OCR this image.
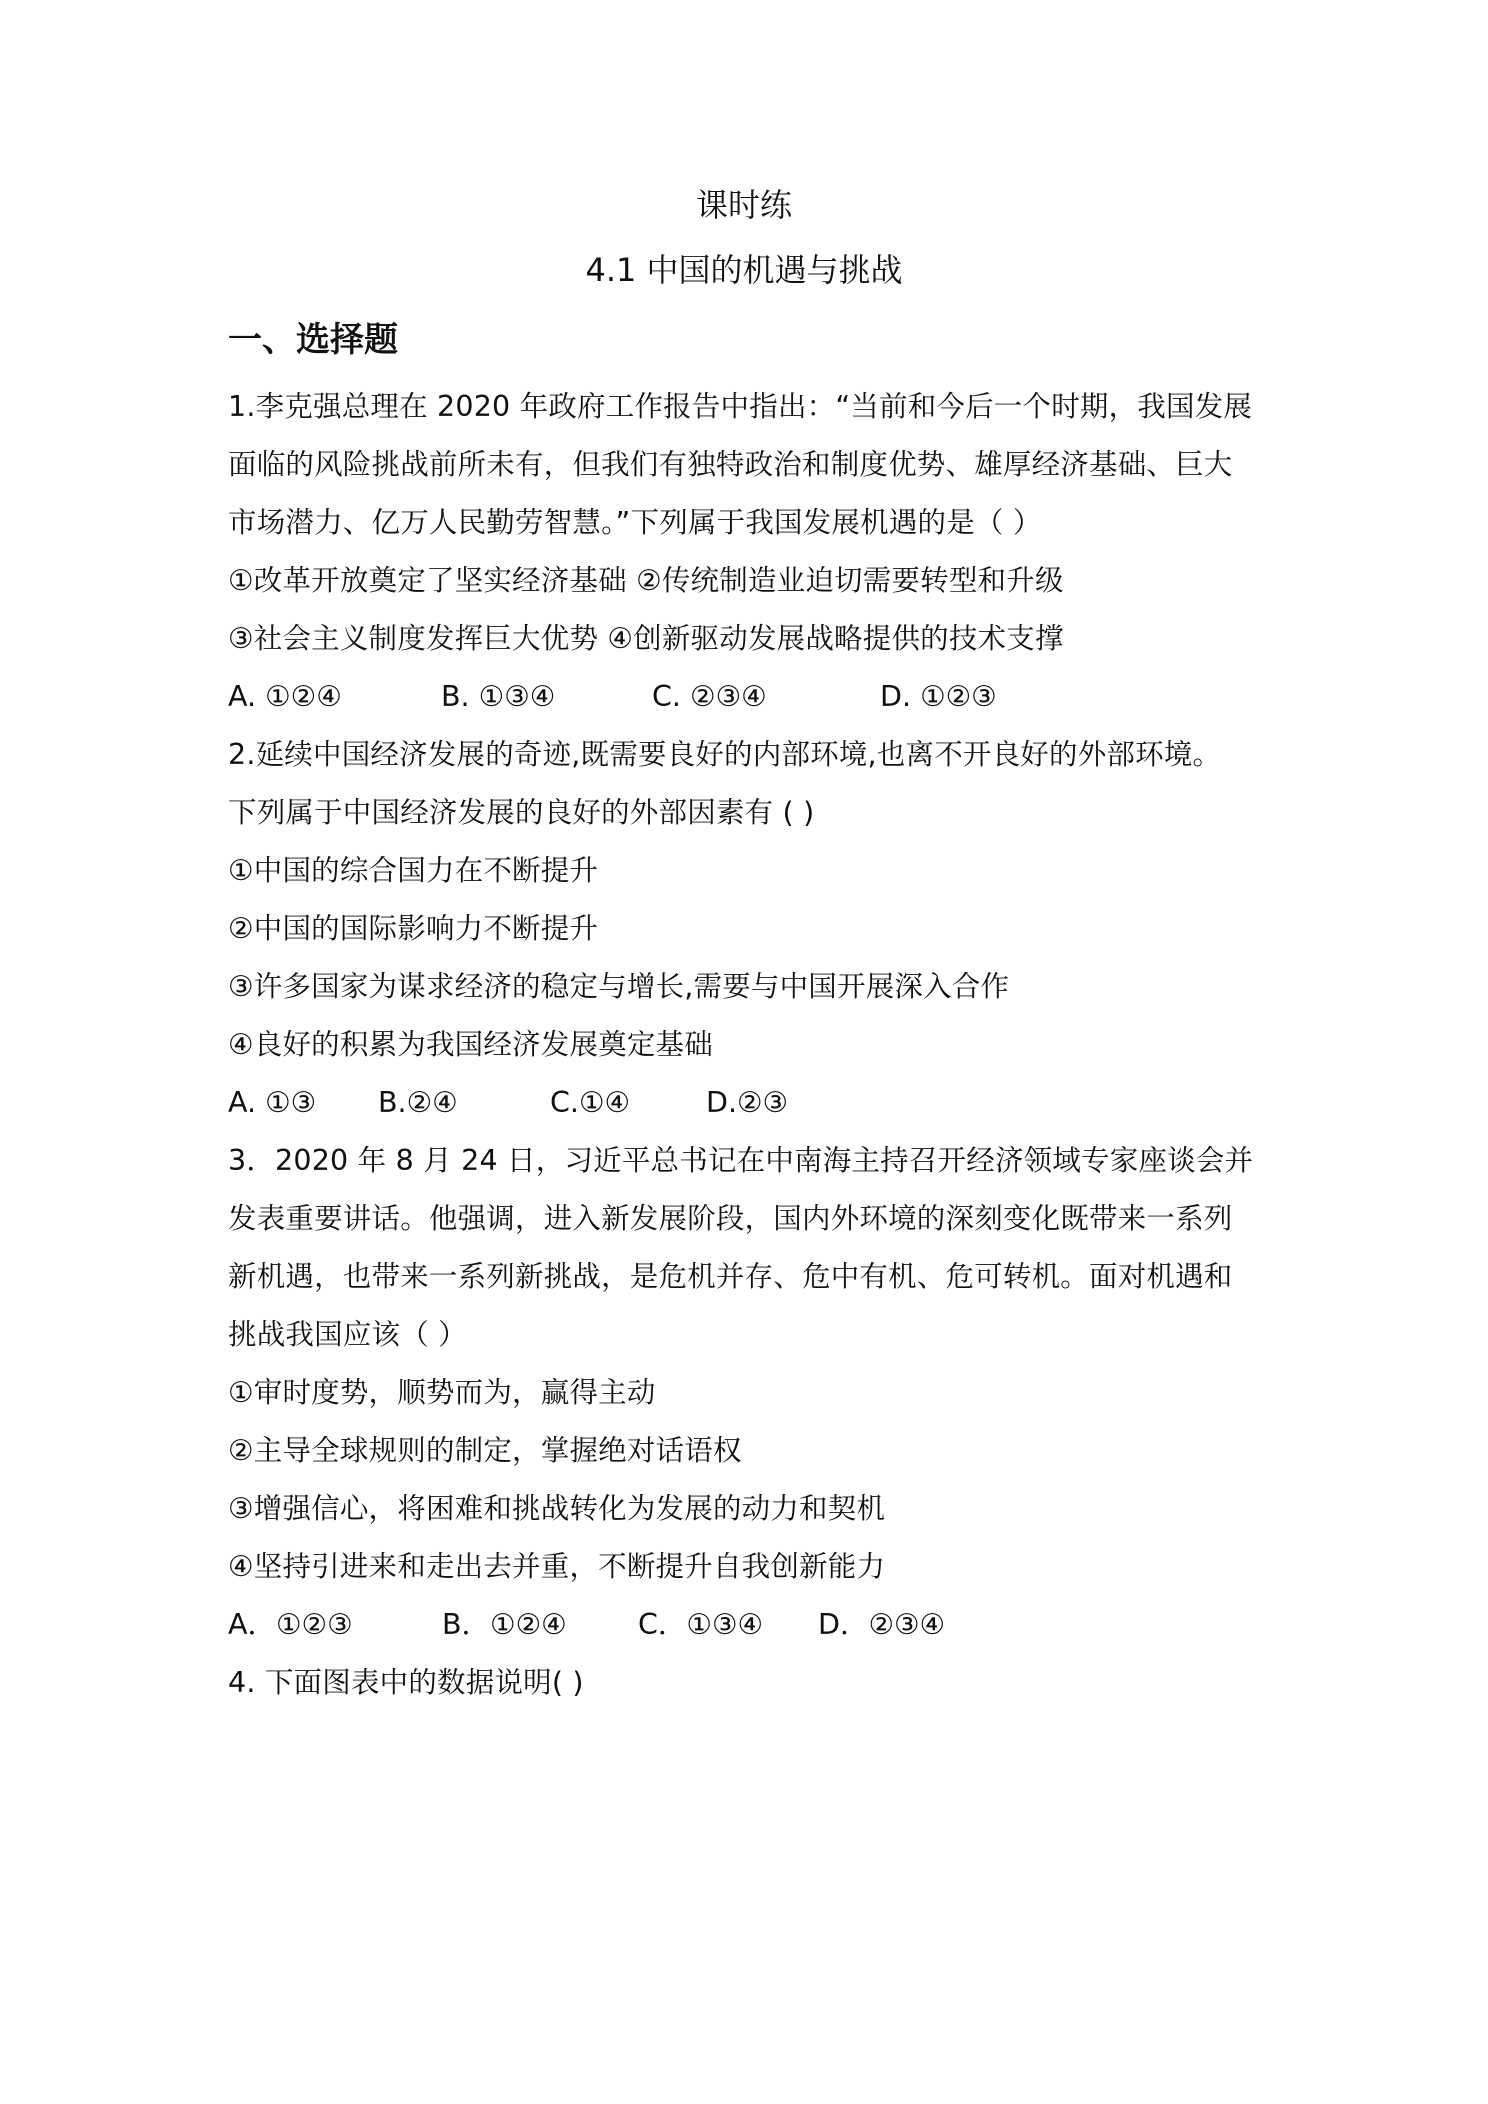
课时练
4.1 中国的机遇与挑战
一、选择题
1.李克强总理在 2020 年政府工作报告中指出：“当前和今后一个时期，我国发展
面临的风险挑战前所未有，但我们有独特政治和制度优势、雄厚经济基础、巨大
市场潜力、亿万人民勤劳智慧。”下列属于我国发展机遇的是（ ）
①改革开放奠定了坚实经济基础 ②传统制造业迫切需要转型和升级
③社会主义制度发挥巨大优势 ④创新驱动发展战略提供的技术支撑
A. ①②④	B. ①③④	C. ②③④	D. ①②③
2.延续中国经济发展的奇迹,既需要良好的内部环境,也离不开良好的外部环境。
下列属于中国经济发展的良好的外部因素有 ( )
①中国的综合国力在不断提升
②中国的国际影响力不断提升
③许多国家为谋求经济的稳定与增长,需要与中国开展深入合作
④良好的积累为我国经济发展奠定基础
A. ①③ B.②④	C.①④	D.②③
3．2020 年 8 月 24 日，习近平总书记在中南海主持召开经济领域专家座谈会并
发表重要讲话。他强调，进入新发展阶段，国内外环境的深刻变化既带来一系列
新机遇，也带来一系列新挑战，是危机并存、危中有机、危可转机。面对机遇和
挑战我国应该（ ）
①审时度势，顺势而为，赢得主动
②主导全球规则的制定，掌握绝对话语权
③增强信心，将困难和挑战转化为发展的动力和契机
④坚持引进来和走出去并重，不断提升自我创新能力
A．①②③	B．①②④	C．①③④ D．②③④
4. 下面图表中的数据说明( )
